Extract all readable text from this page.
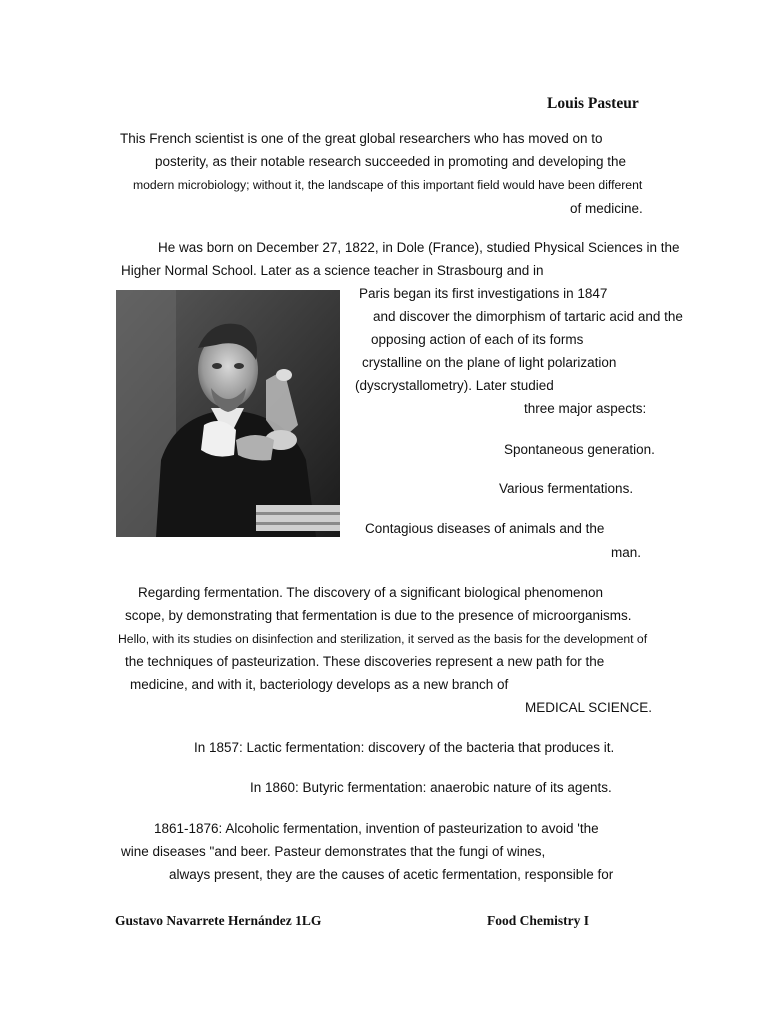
Louis Pasteur
This French scientist is one of the great global researchers who has moved on to
posterity, as their notable research succeeded in promoting and developing the
modern microbiology; without it, the landscape of this important field would have been different
of medicine.
He was born on December 27, 1822, in Dole (France), studied Physical Sciences in the
Higher Normal School. Later as a science teacher in Strasbourg and in
Paris began its first investigations in 1847
and discover the dimorphism of tartaric acid and the
opposing action of each of its forms
crystalline on the plane of light polarization
(dyscrystallometry). Later studied
three major aspects:
Spontaneous generation.
Various fermentations.
Contagious diseases of animals and the
man.
Regarding fermentation. The discovery of a significant biological phenomenon
scope, by demonstrating that fermentation is due to the presence of microorganisms.
Hello, with its studies on disinfection and sterilization, it served as the basis for the development of
the techniques of pasteurization. These discoveries represent a new path for the
medicine, and with it, bacteriology develops as a new branch of
MEDICAL SCIENCE.
In 1857: Lactic fermentation: discovery of the bacteria that produces it.
In 1860: Butyric fermentation: anaerobic nature of its agents.
1861-1876: Alcoholic fermentation, invention of pasteurization to avoid 'the
wine diseases "and beer. Pasteur demonstrates that the fungi of wines,
always present, they are the causes of acetic fermentation, responsible for
Gustavo Navarrete Hernández 1LG	Food Chemistry I
